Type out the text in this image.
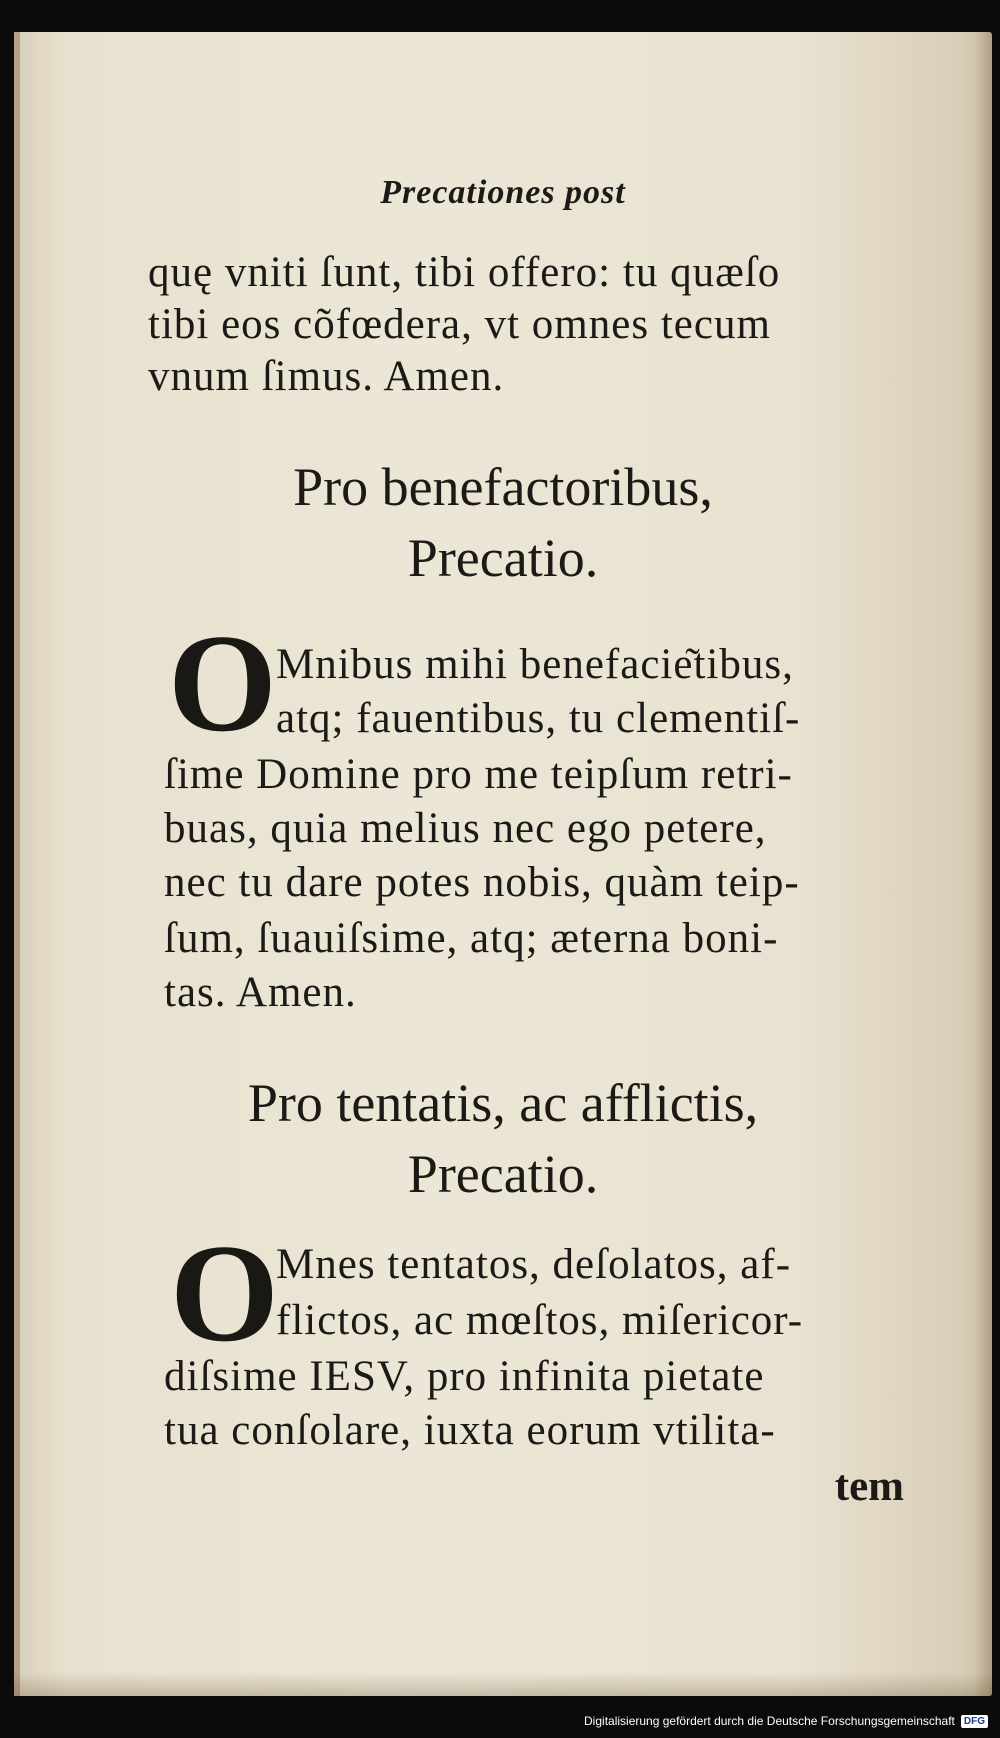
Precationes post
quę vniti ſunt, tibi offero: tu quæſo
tibi eos cõfœdera, vt omnes tecum
vnum ſimus. Amen.
Pro benefactoribus,
Precatio.
O Mnibus mihi benefacie͂tibus,
atq; fauentibus, tu clementiſ-
ſime Domine pro me teipſum retri-
buas, quia melius nec ego petere,
nec tu dare potes nobis, quàm teip-
ſum, ſuauiſsime, atq; æterna boni-
tas. Amen.
Pro tentatis, ac afflictis,
Precatio.
O
Mnes tentatos, deſolatos, af-
flictos, ac mœſtos, miſericor-
diſsime IESV, pro infinita pietate
tua conſolare, iuxta eorum vtilita-
tem
Digitalisierung gefördert durch die Deutsche Forschungsgemeinschaft DFG
